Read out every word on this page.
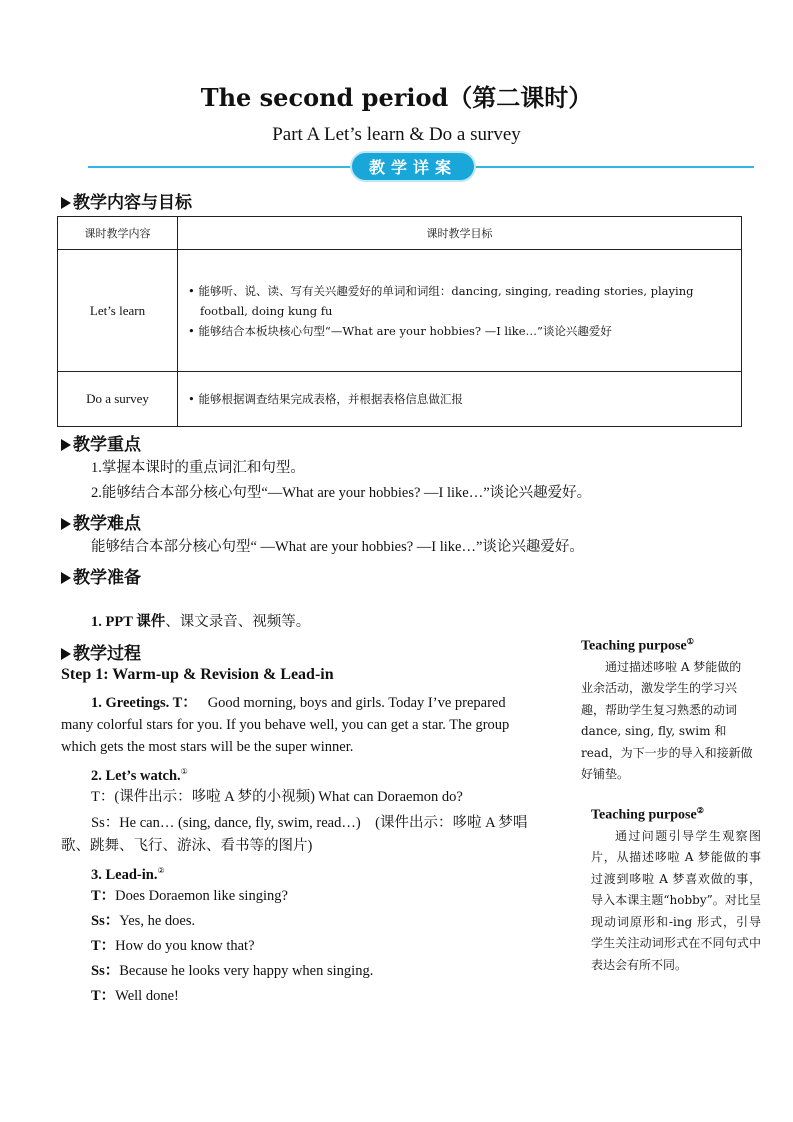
The second period（第二课时）
Part A Let’s learn & Do a survey
教学详案
教学内容与目标
课时教学内容	课时教学目标
Let’s learn	• 能够听、说、读、写有关兴趣爱好的单词和词组：dancing, singing, reading stories, playing football, doing kung fu
• 能够结合本板块核心句型“—What are your hobbies? —I like…”谈论兴趣爱好

Do a survey	• 能够根据调查结果完成表格，并根据表格信息做汇报
教学重点
1.掌握本课时的重点词汇和句型。
2.能够结合本部分核心句型“—What are your hobbies? —I like…”谈论兴趣爱好。
教学难点
能够结合本部分核心句型“ —What are your hobbies? —I like…”谈论兴趣爱好。
教学准备
1. PPT 课件、课文录音、视频等。
教学过程
Step 1: Warm-up & Revision & Lead-in
1. Greetings. T： Good morning, boys and girls. Today I’ve prepared many colorful stars for you. If you behave well, you can get a star. The group which gets the most stars will be the super winner.
2. Let’s watch.①
T：(课件出示：哆啦 A 梦的小视频) What can Doraemon do?
Ss：He can… (sing, dance, fly, swim, read…)　(课件出示：哆啦 A 梦唱歌、跳舞、飞行、游泳、看书等的图片)
3. Lead-in.②
T：Does Doraemon like singing?
Ss：Yes, he does.
T：How do you know that?
Ss：Because he looks very happy when singing.
T：Well done!
Teaching purpose①
通过描述哆啦 A 梦能做的业余活动，激发学生的学习兴趣，帮助学生复习熟悉的动词 dance, sing, fly, swim 和 read，为下一步的导入和接新做好铺垫。
Teaching purpose②
通过问题引导学生观察图片，从描述哆啦 A 梦能做的事过渡到哆啦 A 梦喜欢做的事，导入本课主题“hobby”。对比呈现动词原形和-ing 形式，引导学生关注动词形式在不同句式中表达会有所不同。
